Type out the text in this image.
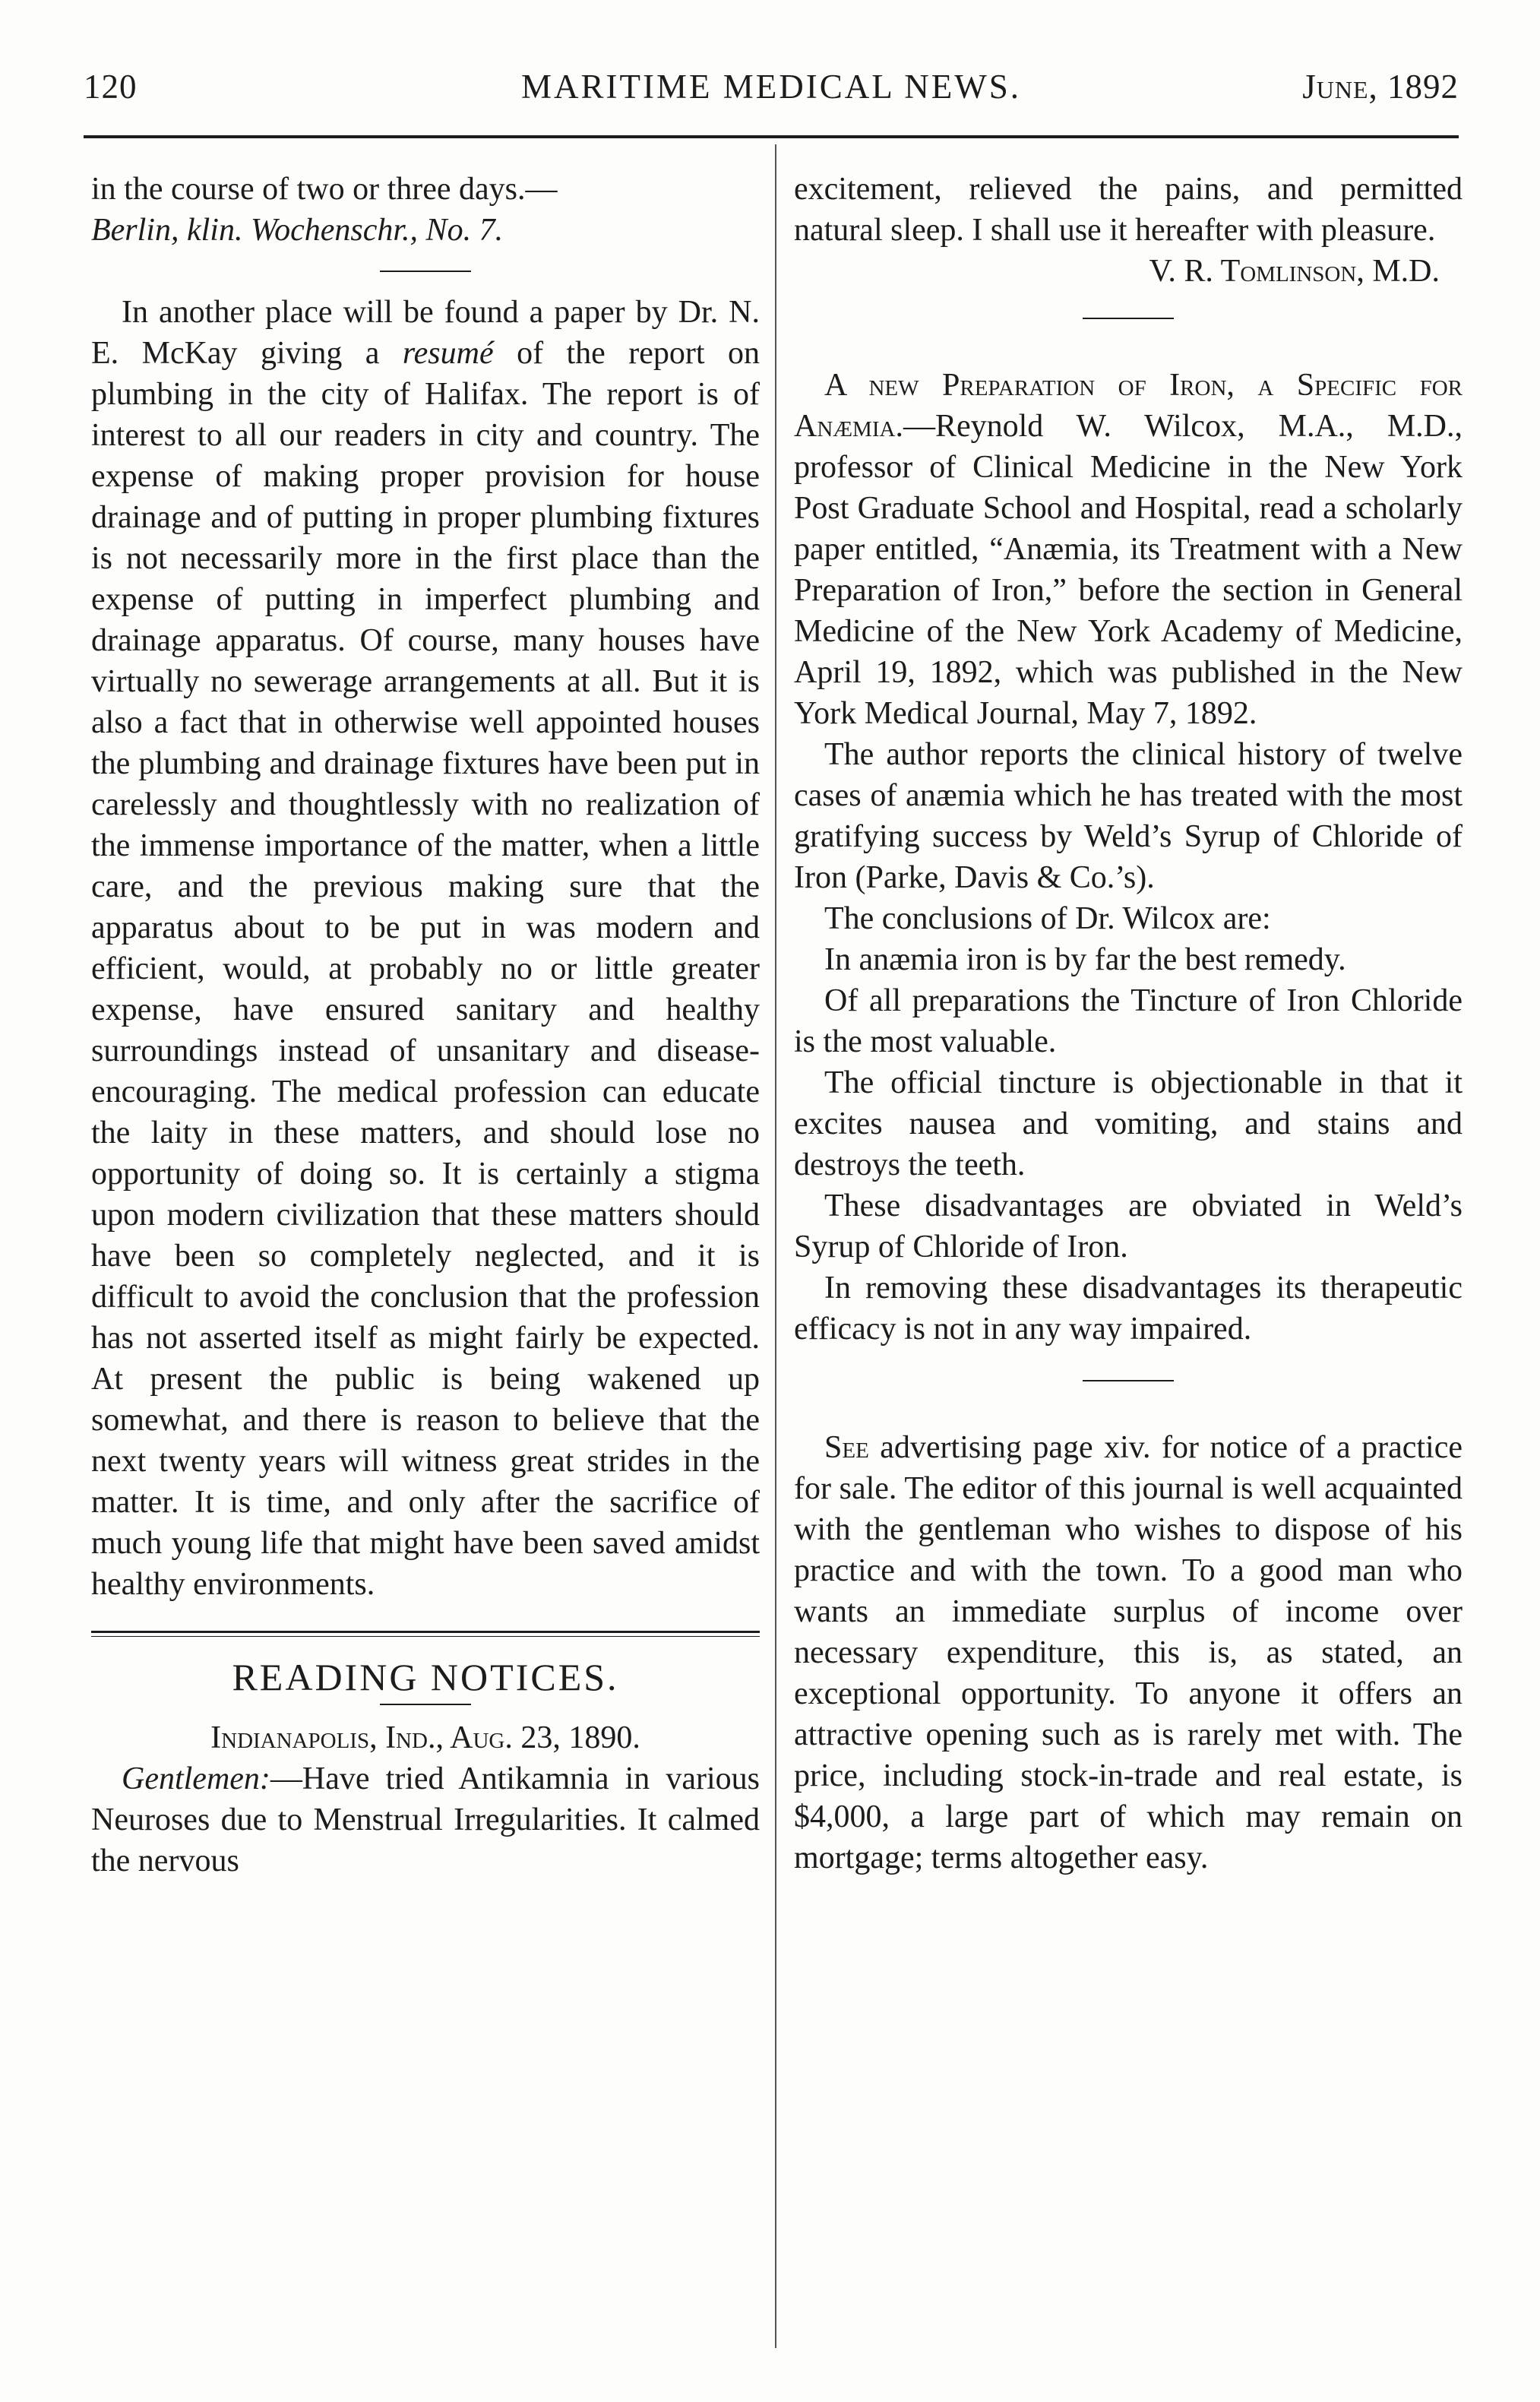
120	MARITIME MEDICAL NEWS.	June, 1892

in the course of two or three days.—
Berlin, klin. Wochenschr., No. 7.

In another place will be found a paper by Dr. N. E. McKay giving a resumé of the report on plumbing in the city of Halifax. The report is of interest to all our readers in city and country. The expense of making proper provision for house drainage and of putting in proper plumbing fixtures is not necessarily more in the first place than the expense of putting in imperfect plumbing and drainage apparatus. Of course, many houses have virtually no sewerage arrangements at all. But it is also a fact that in otherwise well appointed houses the plumbing and drainage fixtures have been put in carelessly and thoughtlessly with no realization of the immense importance of the matter, when a little care, and the previous making sure that the apparatus about to be put in was modern and efficient, would, at probably no or little greater expense, have ensured sanitary and healthy surroundings instead of unsanitary and disease-encouraging. The medical profession can educate the laity in these matters, and should lose no opportunity of doing so. It is certainly a stigma upon modern civilization that these matters should have been so completely neglected, and it is difficult to avoid the conclusion that the profession has not asserted itself as might fairly be expected. At present the public is being wakened up somewhat, and there is reason to believe that the next twenty years will witness great strides in the matter. It is time, and only after the sacrifice of much young life that might have been saved amidst healthy environments.

READING NOTICES.

Indianapolis, Ind., Aug. 23, 1890.

Gentlemen:—Have tried Antikamnia in various Neuroses due to Menstrual Irregularities. It calmed the nervous

excitement, relieved the pains, and permitted natural sleep. I shall use it hereafter with pleasure.

V. R. Tomlinson, M.D.

A new Preparation of Iron, a Specific for Anæmia.—Reynold W. Wilcox, M.A., M.D., professor of Clinical Medicine in the New York Post Graduate School and Hospital, read a scholarly paper entitled, “Anæmia, its Treatment with a New Preparation of Iron,” before the section in General Medicine of the New York Academy of Medicine, April 19, 1892, which was published in the New York Medical Journal, May 7, 1892.

The author reports the clinical history of twelve cases of anæmia which he has treated with the most gratifying success by Weld’s Syrup of Chloride of Iron (Parke, Davis & Co.’s).

The conclusions of Dr. Wilcox are:

In anæmia iron is by far the best remedy.

Of all preparations the Tincture of Iron Chloride is the most valuable.

The official tincture is objectionable in that it excites nausea and vomiting, and stains and destroys the teeth.

These disadvantages are obviated in Weld’s Syrup of Chloride of Iron.

In removing these disadvantages its therapeutic efficacy is not in any way impaired.

See advertising page xiv. for notice of a practice for sale. The editor of this journal is well acquainted with the gentleman who wishes to dispose of his practice and with the town. To a good man who wants an immediate surplus of income over necessary expenditure, this is, as stated, an exceptional opportunity. To anyone it offers an attractive opening such as is rarely met with. The price, including stock-in-trade and real estate, is $4,000, a large part of which may remain on mortgage; terms altogether easy.
